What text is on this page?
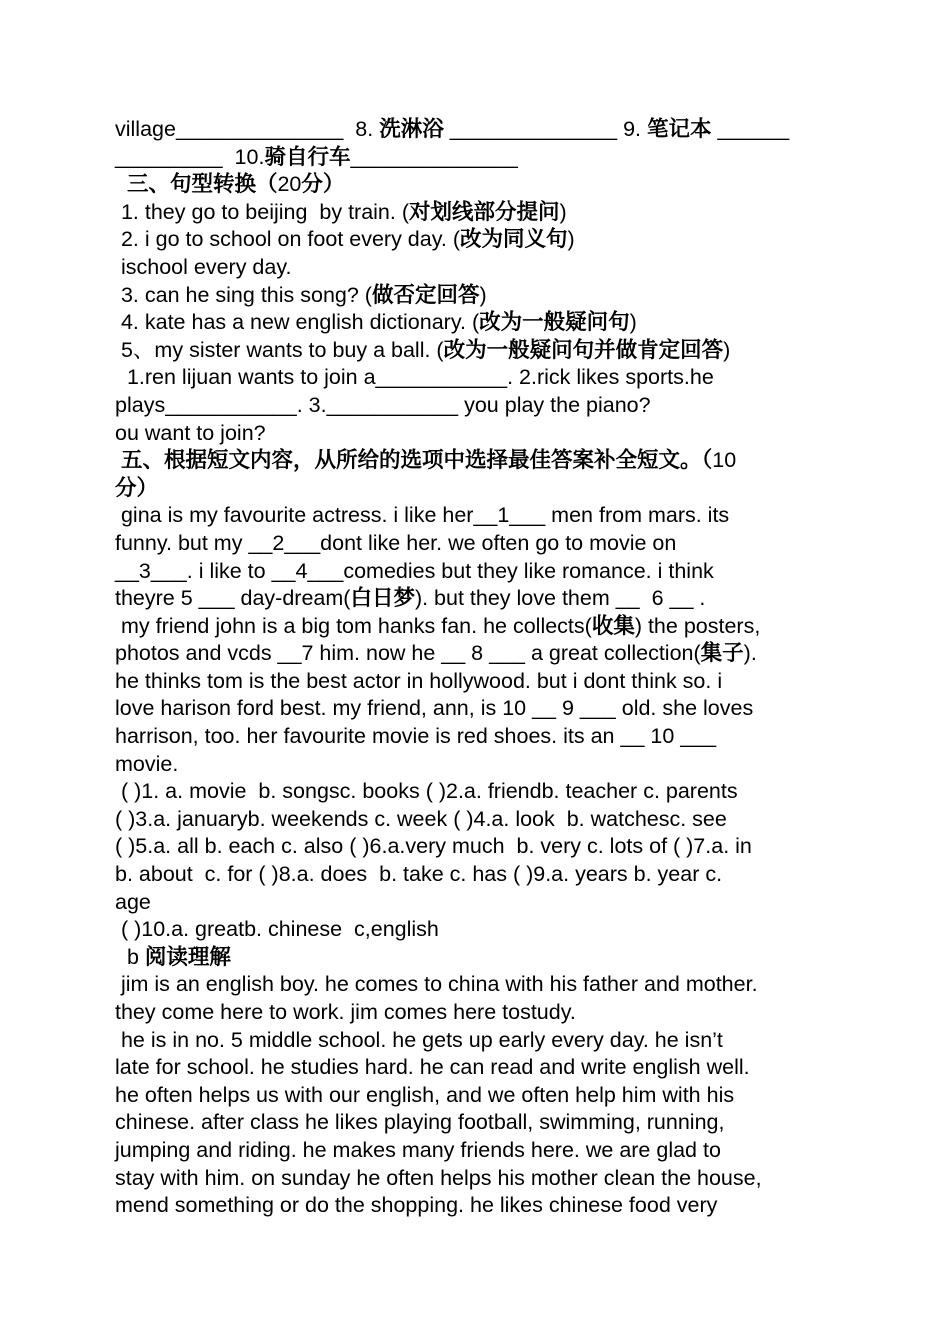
village______________  8. 洗淋浴 ______________ 9. 笔记本 ______
_________  10.骑自行车______________
三、句型转换（20分）
1. they go to beijing  by train. (对划线部分提问)
2. i go to school on foot every day. (改为同义句)
ischool every day.
3. can he sing this song? (做否定回答)
4. kate has a new english dictionary. (改为一般疑问句)
5、my sister wants to buy a ball. (改为一般疑问句并做肯定回答)
1.ren lijuan wants to join a___________. 2.rick likes sports.he
plays___________. 3.___________ you play the piano?
ou want to join?
五、根据短文内容，从所给的选项中选择最佳答案补全短文。（10
分）
gina is my favourite actress. i like her__1___ men from mars. its
funny. but my __2___dont like her. we often go to movie on
__3___. i like to __4___comedies but they like romance. i think
theyre 5 ___ day-dream(白日梦). but they love them __  6 __ .
my friend john is a big tom hanks fan. he collects(收集) the posters,
photos and vcds __7 him. now he __ 8 ___ a great collection(集子).
he thinks tom is the best actor in hollywood. but i dont think so. i
love harison ford best. my friend, ann, is 10 __ 9 ___ old. she loves
harrison, too. her favourite movie is red shoes. its an __ 10 ___
movie.
( )1. a. movie  b. songsc. books ( )2.a. friendb. teacher c. parents
( )3.a. januaryb. weekends c. week ( )4.a. look  b. watchesc. see
( )5.a. all b. each c. also ( )6.a.very much  b. very c. lots of ( )7.a. in
b. about  c. for ( )8.a. does  b. take c. has ( )9.a. years b. year c.
age
( )10.a. greatb. chinese  c,english
b 阅读理解
jim is an english boy. he comes to china with his father and mother.
they come here to work. jim comes here tostudy.
he is in no. 5 middle school. he gets up early every day. he isn’t
late for school. he studies hard. he can read and write english well.
he often helps us with our english, and we often help him with his
chinese. after class he likes playing football, swimming, running,
jumping and riding. he makes many friends here. we are glad to
stay with him. on sunday he often helps his mother clean the house,
mend something or do the shopping. he likes chinese food very
